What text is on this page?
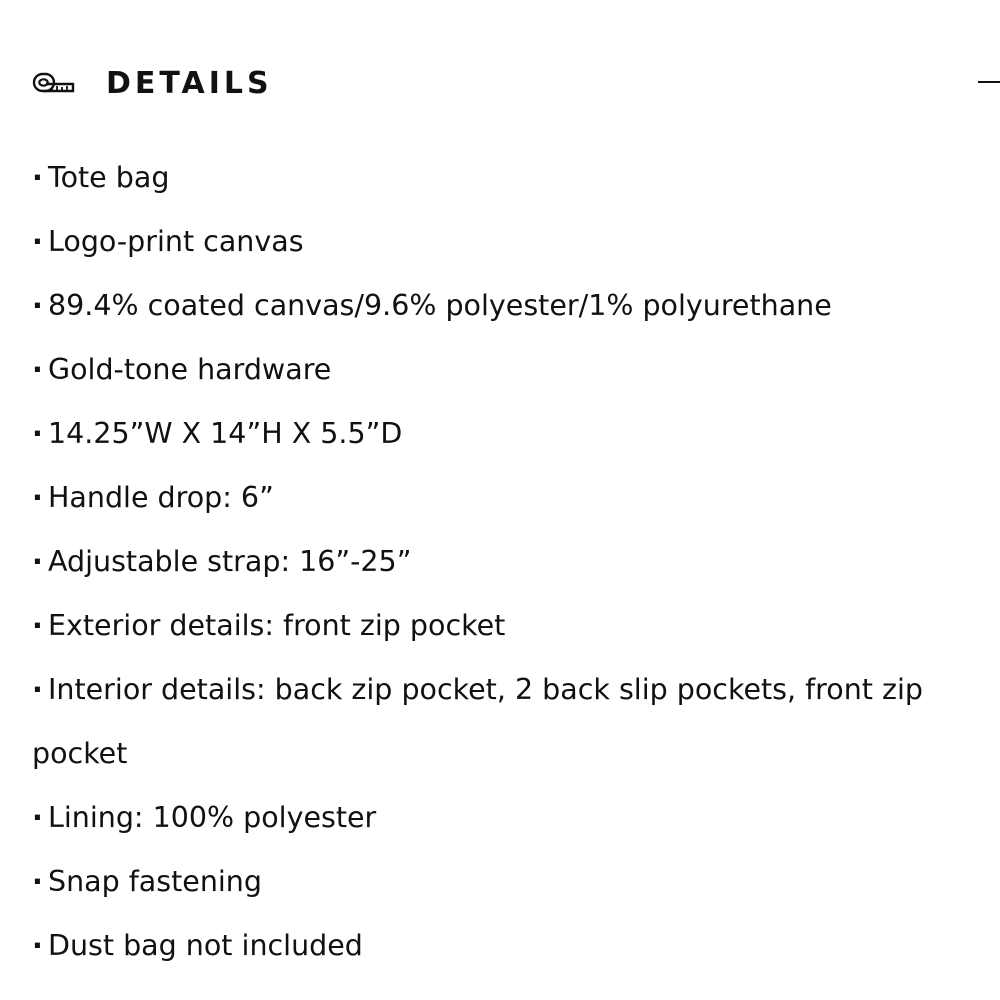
DETAILS
· Tote bag
· Logo-print canvas
· 89.4% coated canvas/9.6% polyester/1% polyurethane
· Gold-tone hardware
· 14.25”W X 14”H X 5.5”D
· Handle drop: 6”
· Adjustable strap: 16”-25”
· Exterior details: front zip pocket
· Interior details: back zip pocket, 2 back slip pockets, front zip
pocket
· Lining: 100% polyester
· Snap fastening
· Dust bag not included
